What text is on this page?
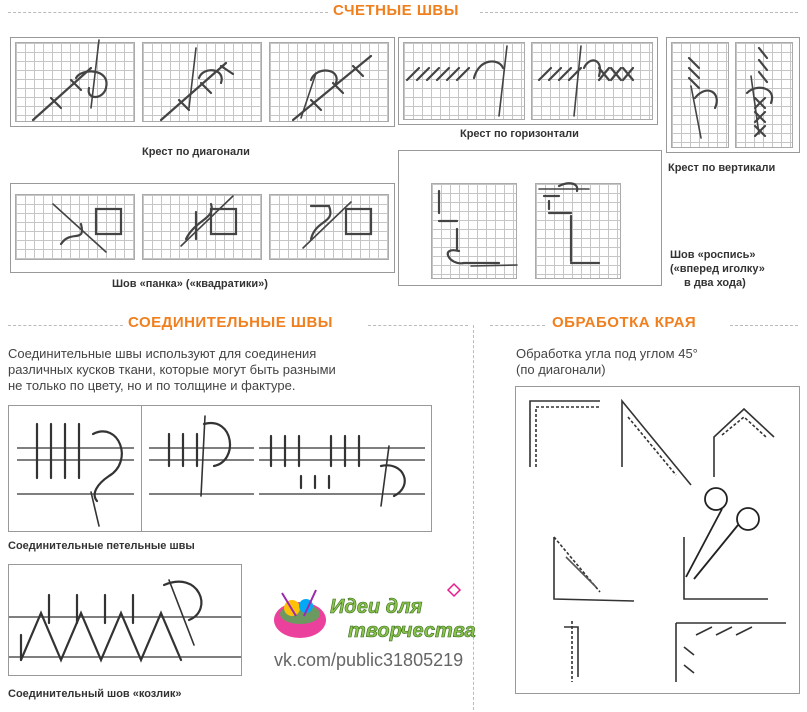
СЧЕТНЫЕ ШВЫ
Крест по диагонали
Крест по горизонтали
Крест по вертикали
Шов «панка» («квадратики»)
Шов «роспись»
(«вперед иголку»
в два хода)
СОЕДИНИТЕЛЬНЫЕ ШВЫ
Соединительные швы используют для соединения
различных кусков ткани, которые могут быть разными
не только по цвету, но и по толщине и фактуре.
Соединительные петельные швы
Соединительный шов «козлик»
Идеи для
творчества
vk.com/public31805219
ОБРАБОТКА КРАЯ
Обработка угла под углом 45°
(по диагонали)
